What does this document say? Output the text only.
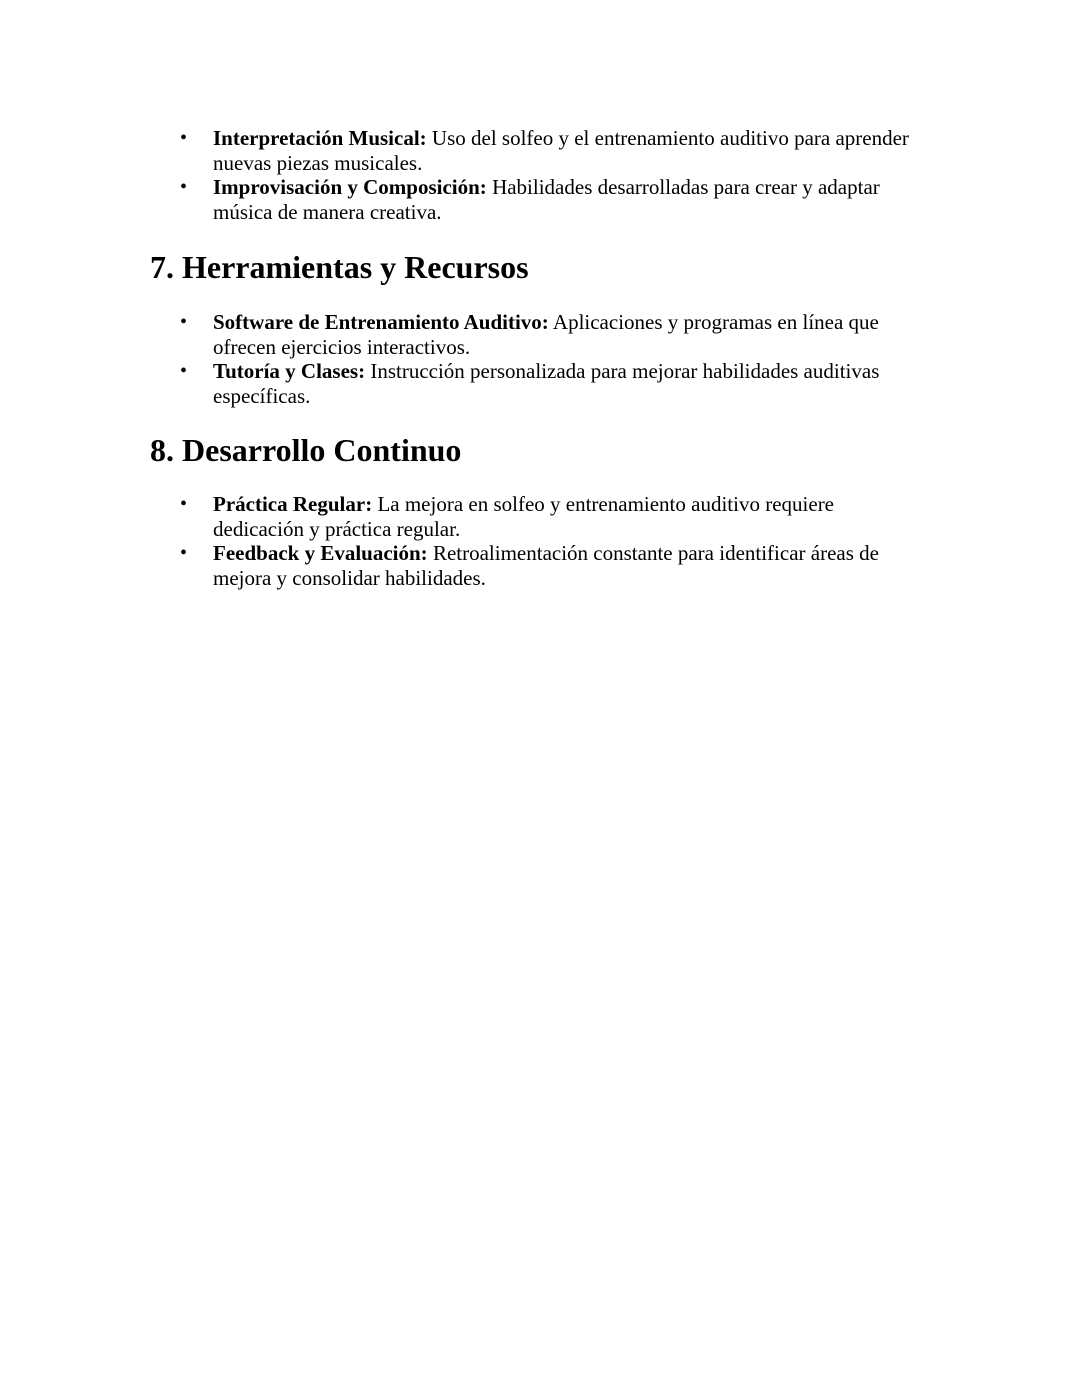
• Interpretación Musical: Uso del solfeo y el entrenamiento auditivo para aprender nuevas piezas musicales.
• Improvisación y Composición: Habilidades desarrolladas para crear y adaptar música de manera creativa.
7. Herramientas y Recursos
• Software de Entrenamiento Auditivo: Aplicaciones y programas en línea que ofrecen ejercicios interactivos.
• Tutoría y Clases: Instrucción personalizada para mejorar habilidades auditivas específicas.
8. Desarrollo Continuo
• Práctica Regular: La mejora en solfeo y entrenamiento auditivo requiere dedicación y práctica regular.
• Feedback y Evaluación: Retroalimentación constante para identificar áreas de mejora y consolidar habilidades.
